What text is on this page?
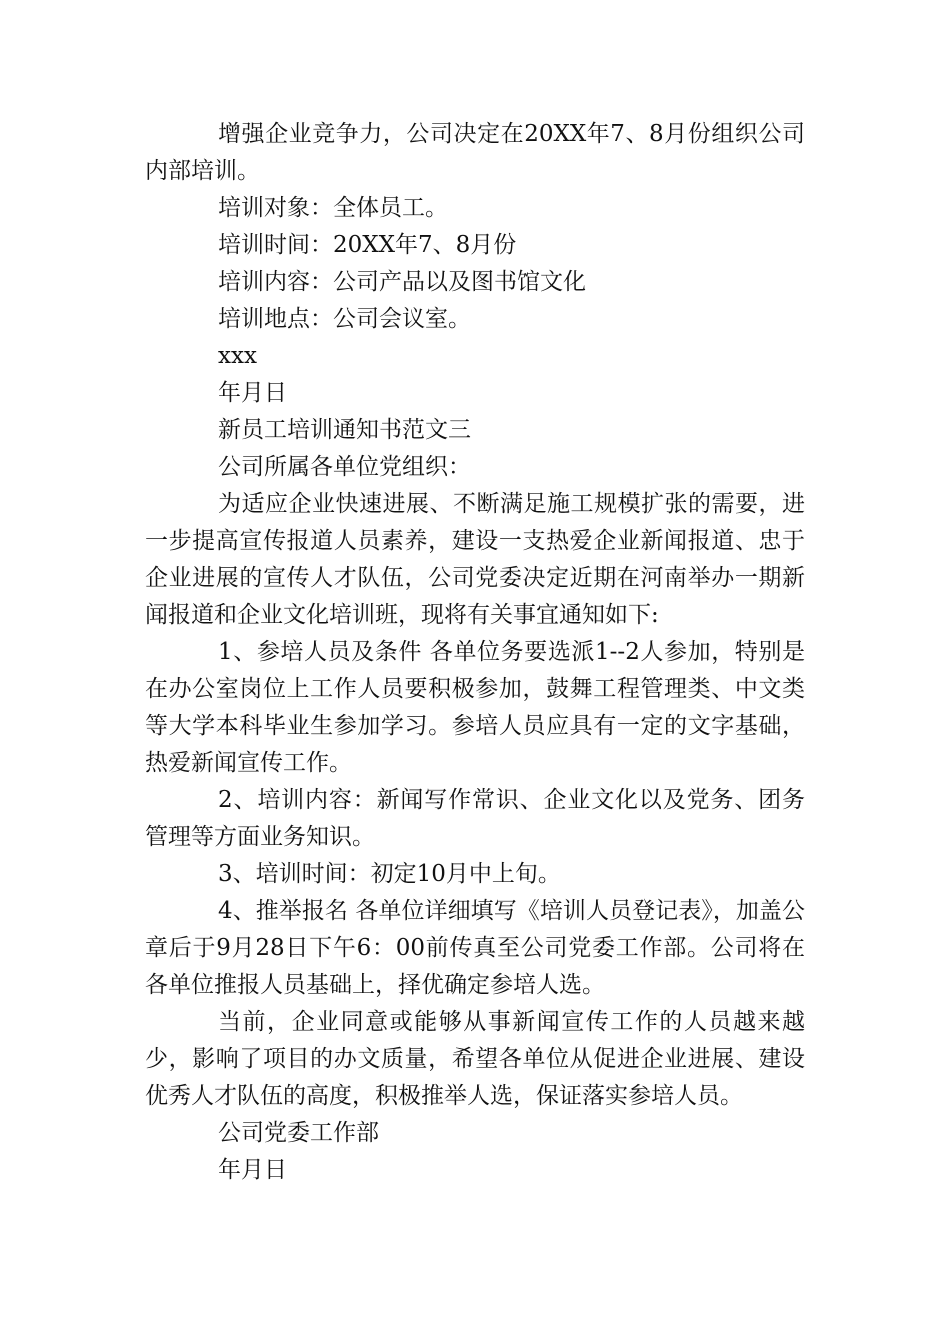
增强企业竞争力，公司决定在20XX年7、8月份组织公司内部培训。

培训对象：全体员工。

培训时间：20XX年7、8月份

培训内容：公司产品以及图书馆文化

培训地点：公司会议室。

xxx

年月日

新员工培训通知书范文三

公司所属各单位党组织：

为适应企业快速进展、不断满足施工规模扩张的需要，进一步提高宣传报道人员素养，建设一支热爱企业新闻报道、忠于企业进展的宣传人才队伍，公司党委决定近期在河南举办一期新闻报道和企业文化培训班，现将有关事宜通知如下:

1、参培人员及条件 各单位务要选派1--2人参加，特别是在办公室岗位上工作人员要积极参加，鼓舞工程管理类、中文类等大学本科毕业生参加学习。参培人员应具有一定的文字基础，热爱新闻宣传工作。

2、培训内容：新闻写作常识、企业文化以及党务、团务管理等方面业务知识。

3、培训时间：初定10月中上旬。

4、推举报名 各单位详细填写《培训人员登记表》，加盖公章后于9月28日下午6：00前传真至公司党委工作部。公司将在各单位推报人员基础上，择优确定参培人选。

当前，企业同意或能够从事新闻宣传工作的人员越来越少，影响了项目的办文质量，希望各单位从促进企业进展、建设优秀人才队伍的高度，积极推举人选，保证落实参培人员。

公司党委工作部

年月日
